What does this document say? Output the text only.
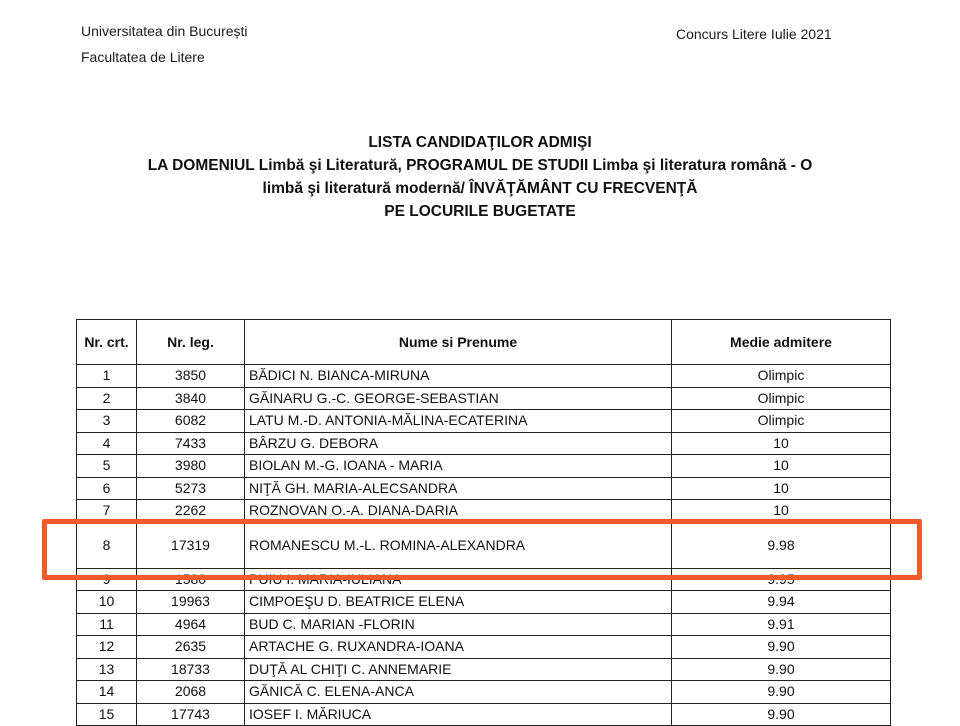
Universitatea din București
Facultatea de Litere
Concurs Litere Iulie 2021
LISTA CANDIDAŢILOR ADMIŞI
LA DOMENIUL Limbă şi Literatură, PROGRAMUL DE STUDII Limba şi literatura română - O
limbă şi literatură modernă/ ÎNVĂŢĂMÂNT CU FRECVENŢĂ
PE LOCURILE BUGETATE
Nr. crt.	Nr. leg.	Nume si Prenume	Medie admitere
1	3850	BĂDICI N. BIANCA-MIRUNA	Olimpic
2	3840	GĂINARU G.-C. GEORGE-SEBASTIAN	Olimpic
3	6082	LATU M.-D. ANTONIA-MĂLINA-ECATERINA	Olimpic
4	7433	BÂRZU G. DEBORA	10
5	3980	BIOLAN M.-G. IOANA - MARIA	10
6	5273	NIŢĂ GH. MARIA-ALECSANDRA	10
7	2262	ROZNOVAN O.-A. DIANA-DARIA	10
8	17319	ROMANESCU M.-L. ROMINA-ALEXANDRA	9.98
9	1580	PUIU I. MARIA-IULIANA	9.95
10	19963	CIMPOEŞU D. BEATRICE ELENA	9.94
11	4964	BUD C. MARIAN -FLORIN	9.91
12	2635	ARTACHE G. RUXANDRA-IOANA	9.90
13	18733	DUŢĂ AL CHIŢI C. ANNEMARIE	9.90
14	2068	GĂNICĂ C. ELENA-ANCA	9.90
15	17743	IOSEF I. MĂRIUCA	9.90
